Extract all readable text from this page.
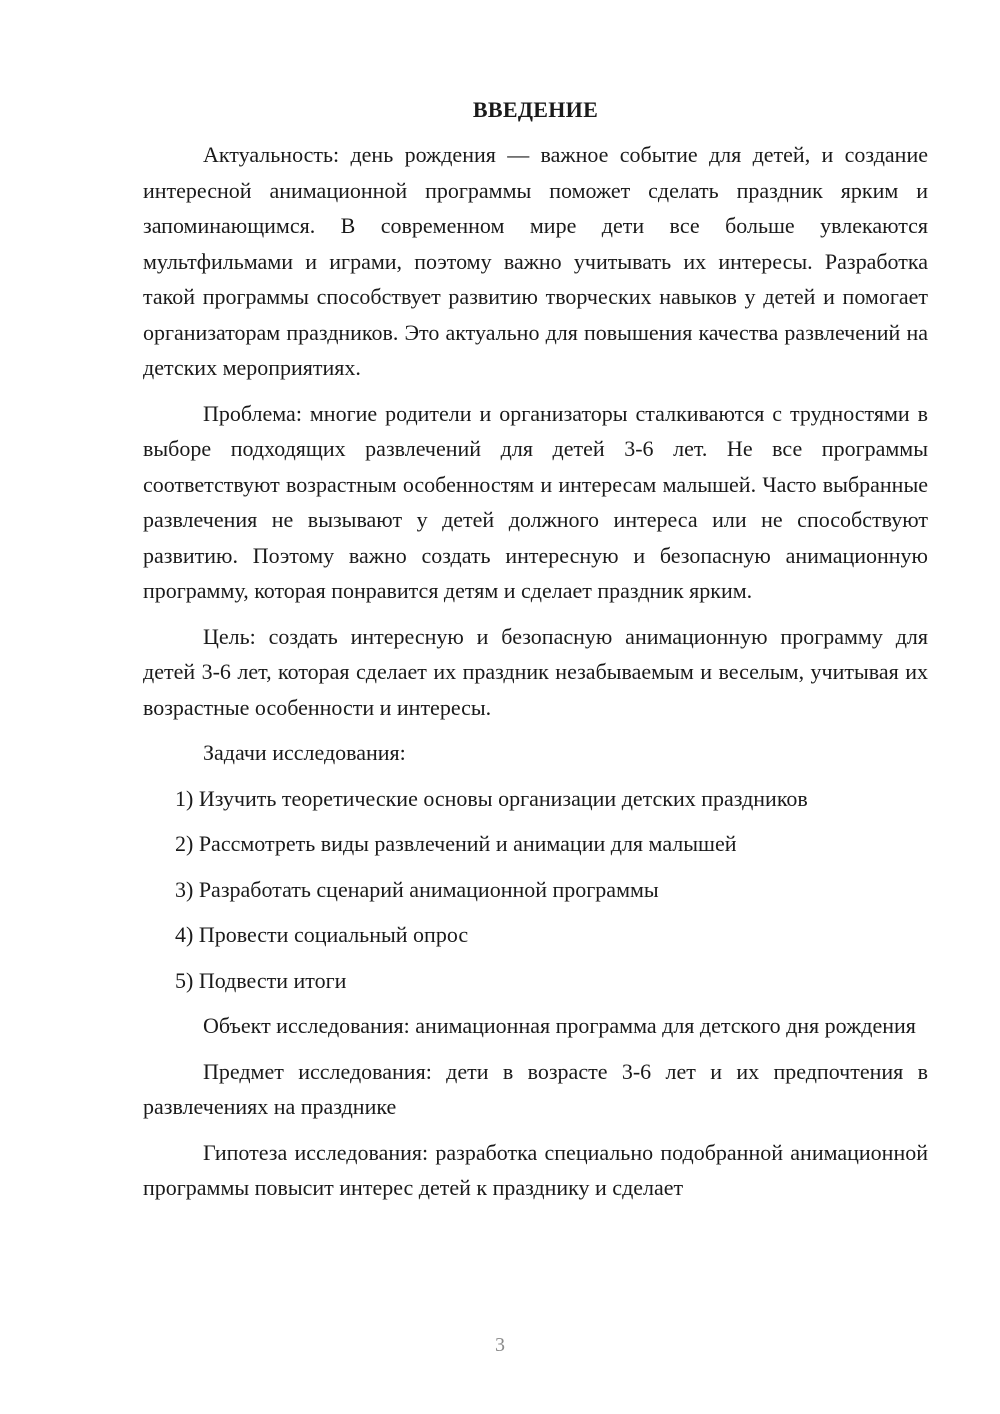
ВВЕДЕНИЕ

Актуальность: день рождения — важное событие для детей, и создание интересной анимационной программы поможет сделать праздник ярким и запоминающимся. В современном мире дети все больше увлекаются мультфильмами и играми, поэтому важно учитывать их интересы. Разработка такой программы способствует развитию творческих навыков у детей и помогает организаторам праздников. Это актуально для повышения качества развлечений на детских мероприятиях.

Проблема: многие родители и организаторы сталкиваются с трудностями в выборе подходящих развлечений для детей 3-6 лет. Не все программы соответствуют возрастным особенностям и интересам малышей. Часто выбранные развлечения не вызывают у детей должного интереса или не способствуют развитию. Поэтому важно создать интересную и безопасную анимационную программу, которая понравится детям и сделает праздник ярким.

Цель: создать интересную и безопасную анимационную программу для детей 3-6 лет, которая сделает их праздник незабываемым и веселым, учитывая их возрастные особенности и интересы.

Задачи исследования:

1) Изучить теоретические основы организации детских праздников
2) Рассмотреть виды развлечений и анимации для малышей
3) Разработать сценарий анимационной программы
4) Провести социальный опрос
5) Подвести итоги

Объект исследования: анимационная программа для детского дня рождения

Предмет исследования: дети в возрасте 3-6 лет и их предпочтения в развлечениях на празднике

Гипотеза исследования: разработка специально подобранной анимационной программы повысит интерес детей к празднику и сделает

3
